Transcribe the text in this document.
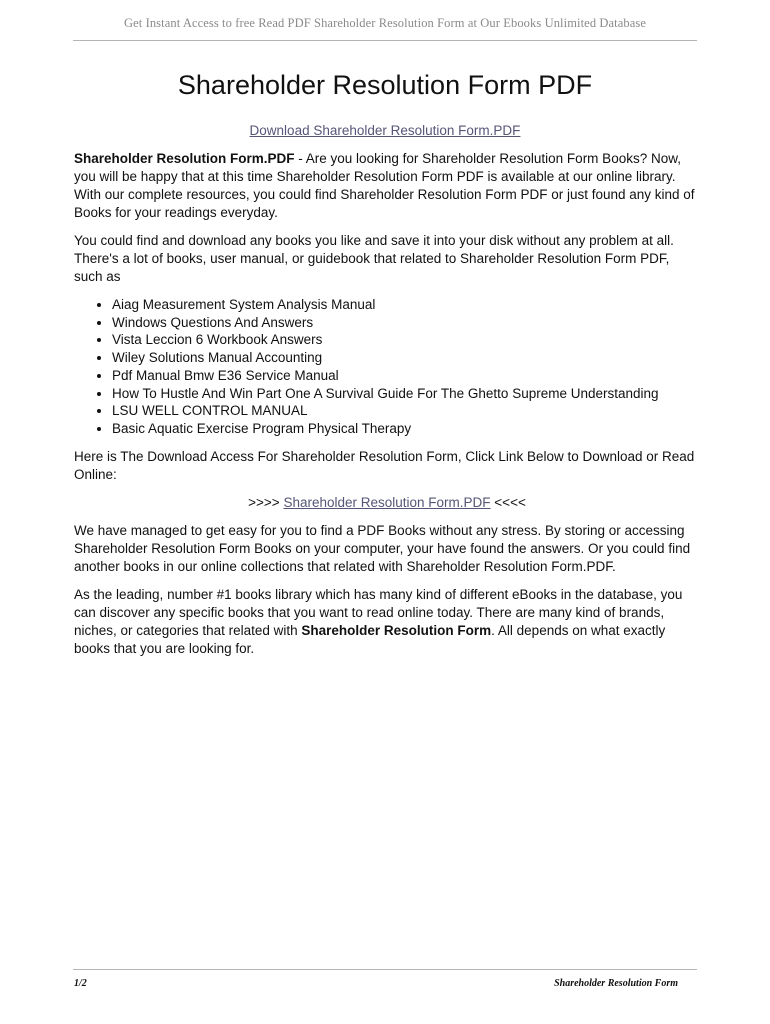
Get Instant Access to free Read PDF Shareholder Resolution Form at Our Ebooks Unlimited Database
Shareholder Resolution Form PDF
Download Shareholder Resolution Form.PDF

Shareholder Resolution Form.PDF - Are you looking for Shareholder Resolution Form Books? Now, you will be happy that at this time Shareholder Resolution Form PDF is available at our online library. With our complete resources, you could find Shareholder Resolution Form PDF or just found any kind of Books for your readings everyday.

You could find and download any books you like and save it into your disk without any problem at all. There's a lot of books, user manual, or guidebook that related to Shareholder Resolution Form PDF, such as

• Aiag Measurement System Analysis Manual
• Windows Questions And Answers
• Vista Leccion 6 Workbook Answers
• Wiley Solutions Manual Accounting
• Pdf Manual Bmw E36 Service Manual
• How To Hustle And Win Part One A Survival Guide For The Ghetto Supreme Understanding
• LSU WELL CONTROL MANUAL
• Basic Aquatic Exercise Program Physical Therapy

Here is The Download Access For Shareholder Resolution Form, Click Link Below to Download or Read Online:

>>>> Shareholder Resolution Form.PDF <<<<

We have managed to get easy for you to find a PDF Books without any stress. By storing or accessing Shareholder Resolution Form Books on your computer, your have found the answers. Or you could find another books in our online collections that related with Shareholder Resolution Form.PDF.

As the leading, number #1 books library which has many kind of different eBooks in the database, you can discover any specific books that you want to read online today. There are many kind of brands, niches, or categories that related with Shareholder Resolution Form. All depends on what exactly books that you are looking for.

1/2	Shareholder Resolution Form
